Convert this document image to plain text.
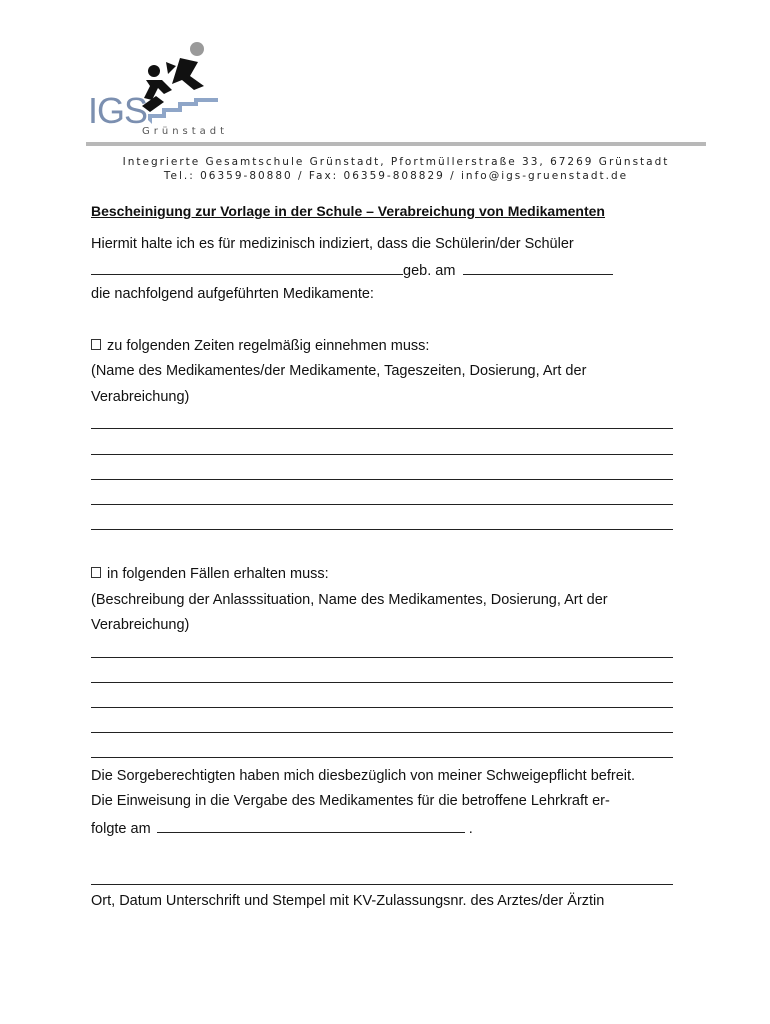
IGS
Grünstadt
Integrierte Gesamtschule Grünstadt, Pfortmüllerstraße 33, 67269 Grünstadt
Tel.: 06359-80880 / Fax: 06359-808829 / info@igs-gruenstadt.de
Bescheinigung zur Vorlage in der Schule – Verabreichung von Medikamenten
Hiermit halte ich es für medizinisch indiziert, dass die Schülerin/der Schüler
geb. am
die nachfolgend aufgeführten Medikamente:
zu folgenden Zeiten regelmäßig einnehmen muss:
(Name des Medikamentes/der Medikamente, Tageszeiten, Dosierung, Art der
Verabreichung)
in folgenden Fällen erhalten muss:
(Beschreibung der Anlasssituation, Name des Medikamentes, Dosierung, Art der
Verabreichung)
Die Sorgeberechtigten haben mich diesbezüglich von meiner Schweigepflicht befreit.
Die Einweisung in die Vergabe des Medikamentes für die betroffene Lehrkraft er-
folgte am	.
Ort, Datum Unterschrift und Stempel mit KV-Zulassungsnr. des Arztes/der Ärztin
